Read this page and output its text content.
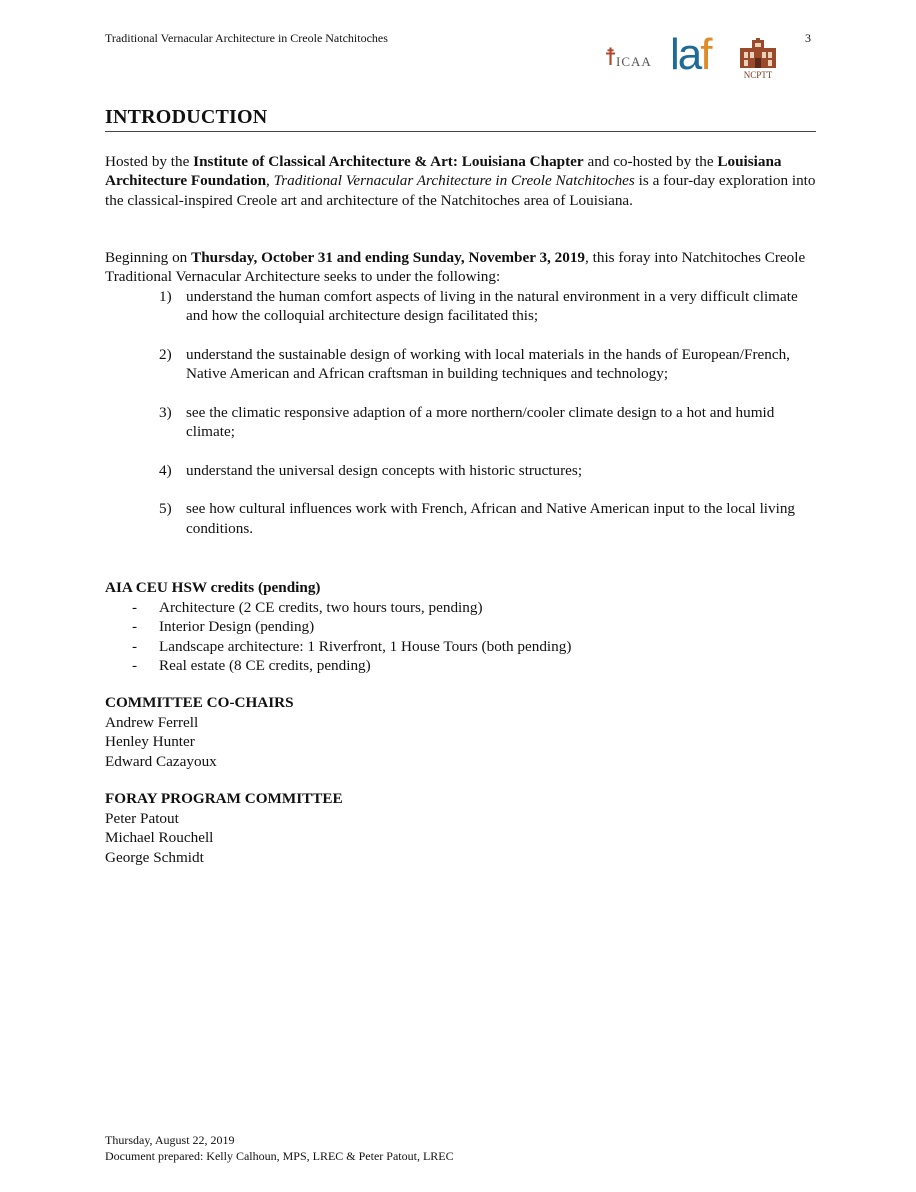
Traditional Vernacular Architecture in Creole Natchitoches	3
☨
ICAA laf	NCPTT
INTRODUCTION
Hosted by the Institute of Classical Architecture & Art: Louisiana Chapter and co-hosted by the Louisiana Architecture Foundation, Traditional Vernacular Architecture in Creole Natchitoches is a four-day exploration into the classical-inspired Creole art and architecture of the Natchitoches area of Louisiana.
Beginning on Thursday, October 31 and ending Sunday, November 3, 2019, this foray into Natchitoches Creole Traditional Vernacular Architecture seeks to under the following:
1) understand the human comfort aspects of living in the natural environment in a very difficult climate and how the colloquial architecture design facilitated this;
2) understand the sustainable design of working with local materials in the hands of European/French, Native American and African craftsman in building techniques and technology;
3) see the climatic responsive adaption of a more northern/cooler climate design to a hot and humid climate;
4) understand the universal design concepts with historic structures;
5) see how cultural influences work with French, African and Native American input to the local living conditions.
AIA CEU HSW credits (pending)
- Architecture (2 CE credits, two hours tours, pending)
- Interior Design (pending)
- Landscape architecture: 1 Riverfront, 1 House Tours (both pending)
- Real estate (8 CE credits, pending)
COMMITTEE CO-CHAIRS
Andrew Ferrell
Henley Hunter
Edward Cazayoux
FORAY PROGRAM COMMITTEE
Peter Patout
Michael Rouchell
George Schmidt
Thursday, August 22, 2019
Document prepared: Kelly Calhoun, MPS, LREC & Peter Patout, LREC
